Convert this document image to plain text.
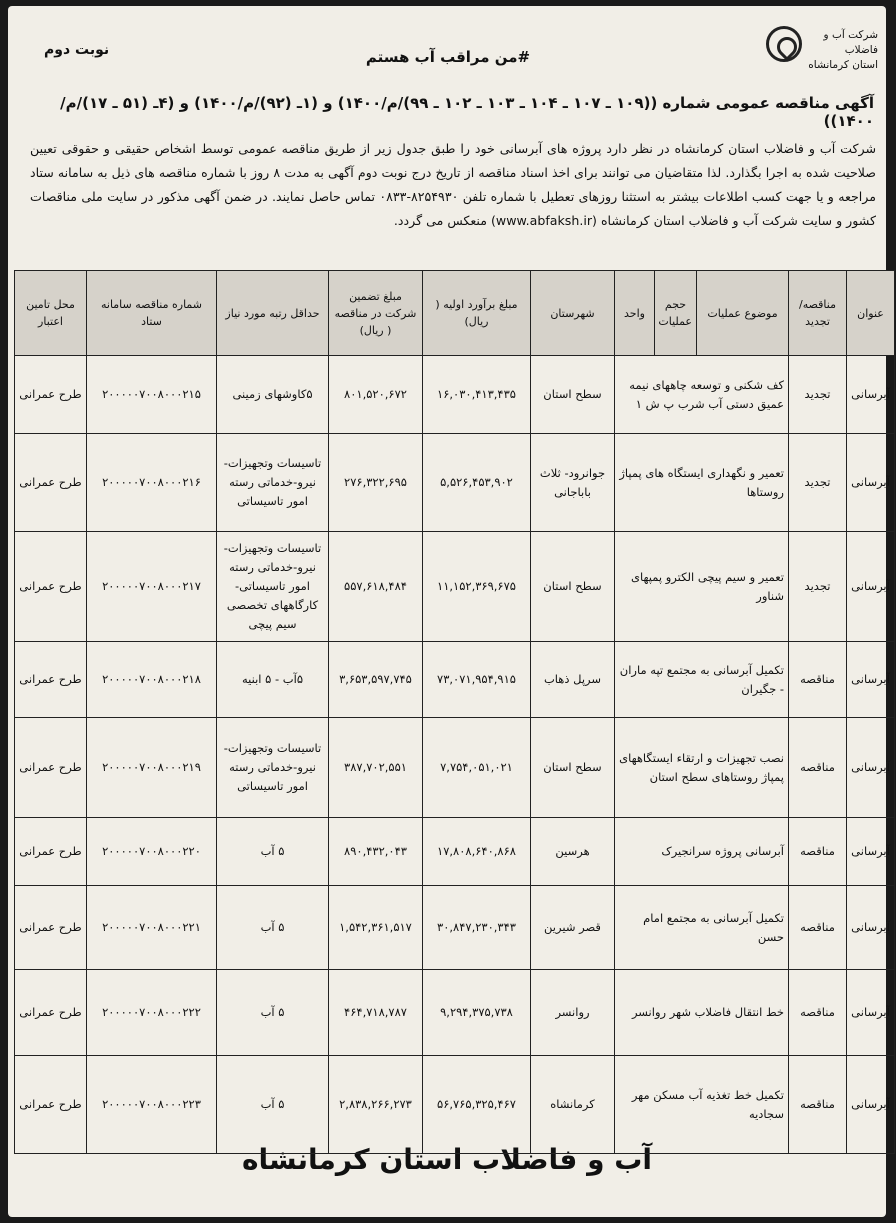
شرکت آب و فاضلاب
استان کرمانشاه
#من مراقب آب هستم
نوبت دوم
آگهی مناقصه عمومی شماره ((۱۰۹ ـ ۱۰۷ ـ ۱۰۴ ـ ۱۰۳ ـ ۱۰۲ ـ ۹۹)/م/۱۴۰۰) و (۱ـ (۹۲)/م/۱۴۰۰) و (۴ـ (۵۱ ـ ۱۷)/م/۱۴۰۰))
شرکت آب و فاضلاب استان کرمانشاه در نظر دارد پروژه های آبرسانی خود را طبق جدول زیر از طریق مناقصه عمومی توسط اشخاص حقیقی و حقوقی تعیین صلاحیت شده به اجرا بگذارد. لذا متقاضیان می توانند برای اخذ اسناد مناقصه از تاریخ درج نوبت دوم آگهی به مدت ۸ روز با شماره مناقصه های ذیل به سامانه ستاد مراجعه و یا جهت کسب اطلاعات بیشتر به استثنا روزهای تعطیل با شماره تلفن ۸۲۵۴۹۳۰-۰۸۳۳ تماس حاصل نمایند. در ضمن آگهی مذکور در سایت ملی مناقصات کشور و سایت شرکت آب و فاضلاب استان کرمانشاه (www.abfaksh.ir) منعکس می گردد.
آب و فاضلاب استان کرمانشاه
عنوان	مناقصه/ تجدید	موضوع عملیات	حجم عملیات	واحد	شهرستان	مبلغ برآورد اولیه ( ریال)	مبلغ تضمین شرکت در مناقصه ( ریال)	حداقل رتبه مورد نیاز	شماره مناقصه سامانه ستاد	محل تامین اعتبار
آبرسانی	تجدید	کف شکنی و توسعه چاههای نیمه عمیق دستی آب شرب پ ش ۱			سطح استان	۱۶,۰۳۰,۴۱۳,۴۳۵	۸۰۱,۵۲۰,۶۷۲	۵کاوشهای زمینی	۲۰۰۰۰۰۷۰۰۸۰۰۰۲۱۵	طرح عمرانی
آبرسانی	تجدید	تعمیر و نگهداری ایستگاه های پمپاژ روستاها			جوانرود- ثلاث باباجانی	۵,۵۲۶,۴۵۳,۹۰۲	۲۷۶,۳۲۲,۶۹۵	تاسیسات وتجهیزات- نیرو-خدماتی رسته امور تاسیساتی	۲۰۰۰۰۰۷۰۰۸۰۰۰۲۱۶	طرح عمرانی
آبرسانی	تجدید	تعمیر و سیم پیچی الکترو پمپهای شناور			سطح استان	۱۱,۱۵۲,۳۶۹,۶۷۵	۵۵۷,۶۱۸,۴۸۴	تاسیسات وتجهیزات- نیرو-خدماتی رسته امور تاسیساتی- کارگاههای تخصصی سیم پیچی	۲۰۰۰۰۰۷۰۰۸۰۰۰۲۱۷	طرح عمرانی
آبرسانی	مناقصه	تکمیل آبرسانی به مجتمع تپه ماران - جگیران			سرپل ذهاب	۷۳,۰۷۱,۹۵۴,۹۱۵	۳,۶۵۳,۵۹۷,۷۴۵	۵آب - ۵ ابنیه	۲۰۰۰۰۰۷۰۰۸۰۰۰۲۱۸	طرح عمرانی
آبرسانی	مناقصه	نصب تجهیزات و ارتقاء ایستگاههای پمپاژ روستاهای سطح استان			سطح استان	۷,۷۵۴,۰۵۱,۰۲۱	۳۸۷,۷۰۲,۵۵۱	تاسیسات وتجهیزات- نیرو-خدماتی رسته امور تاسیساتی	۲۰۰۰۰۰۷۰۰۸۰۰۰۲۱۹	طرح عمرانی
آبرسانی	مناقصه	آبرسانی پروژه سرانجیرک			هرسین	۱۷,۸۰۸,۶۴۰,۸۶۸	۸۹۰,۴۳۲,۰۴۳	۵ آب	۲۰۰۰۰۰۷۰۰۸۰۰۰۲۲۰	طرح عمرانی
آبرسانی	مناقصه	تکمیل آبرسانی به مجتمع امام حسن			قصر شیرین	۳۰,۸۴۷,۲۳۰,۳۴۳	۱,۵۴۲,۳۶۱,۵۱۷	۵ آب	۲۰۰۰۰۰۷۰۰۸۰۰۰۲۲۱	طرح عمرانی
آبرسانی	مناقصه	خط انتقال فاضلاب شهر روانسر			روانسر	۹,۲۹۴,۳۷۵,۷۳۸	۴۶۴,۷۱۸,۷۸۷	۵ آب	۲۰۰۰۰۰۷۰۰۸۰۰۰۲۲۲	طرح عمرانی
آبرسانی	مناقصه	تکمیل خط تغذیه آب مسکن مهر سجادیه			کرمانشاه	۵۶,۷۶۵,۳۲۵,۴۶۷	۲,۸۳۸,۲۶۶,۲۷۳	۵ آب	۲۰۰۰۰۰۷۰۰۸۰۰۰۲۲۳	طرح عمرانی
